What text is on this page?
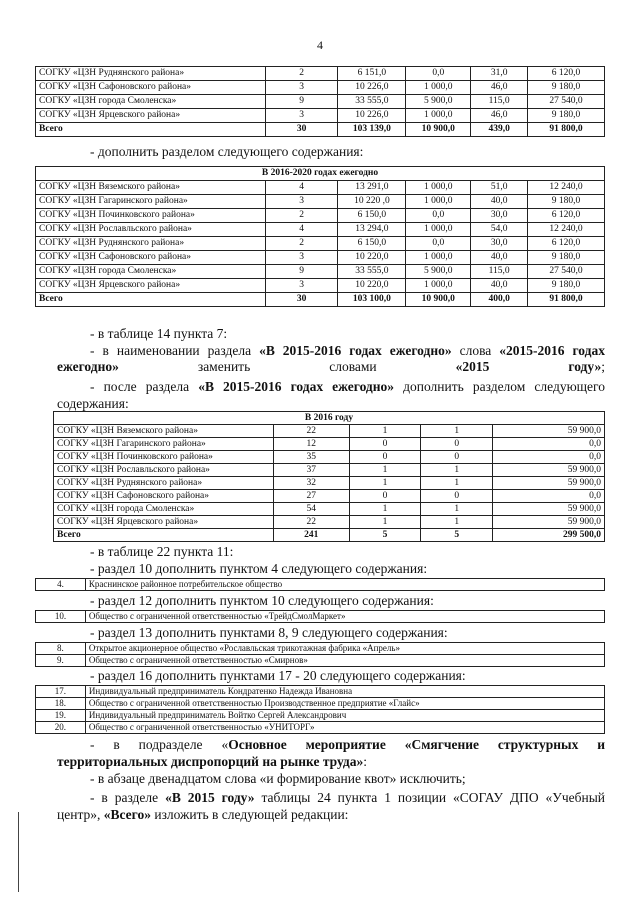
4
СОГКУ «ЦЗН Руднянского района»	2	6 151,0	0,0	31,0	6 120,0
СОГКУ «ЦЗН Сафоновского района»	3	10 226,0	1 000,0	46,0	9 180,0
СОГКУ «ЦЗН города Смоленска»	9	33 555,0	5 900,0	115,0	27 540,0
СОГКУ «ЦЗН Ярцевского района»	3	10 226,0	1 000,0	46,0	9 180,0
Всего	30	103 139,0	10 900,0	439,0	91 800,0
- дополнить разделом следующего содержания:
В 2016-2020 годах ежегодно					
СОГКУ «ЦЗН Вяземского района»	4	13 291,0	1 000,0	51,0	12 240,0
СОГКУ «ЦЗН Гагаринского района»	3	10 220 ,0	1 000,0	40,0	9 180,0
СОГКУ «ЦЗН Починковского района»	2	6 150,0	0,0	30,0	6 120,0
СОГКУ «ЦЗН Рославльского района»	4	13 294,0	1 000,0	54,0	12 240,0
СОГКУ «ЦЗН Руднянского района»	2	6 150,0	0,0	30,0	6 120,0
СОГКУ «ЦЗН Сафоновского района»	3	10 220,0	1 000,0	40,0	9 180,0
СОГКУ «ЦЗН города Смоленска»	9	33 555,0	5 900,0	115,0	27 540,0
СОГКУ «ЦЗН Ярцевского района»	3	10 220,0	1 000,0	40,0	9 180,0
Всего	30	103 100,0	10 900,0	400,0	91 800,0
- в таблице 14 пункта 7:
- в наименовании раздела «В 2015-2016 годах ежегодно» слова «2015-2016 годах ежегодно» заменить словами «2015 году»;
- после раздела «В 2015-2016 годах ежегодно» дополнить разделом следующего содержания:
В 2016 году				
СОГКУ «ЦЗН Вяземского района»	22	1	1	59 900,0
СОГКУ «ЦЗН Гагаринского района»	12	0	0	0,0
СОГКУ «ЦЗН Починковского района»	35	0	0	0,0
СОГКУ «ЦЗН Рославльского района»	37	1	1	59 900,0
СОГКУ «ЦЗН Руднянского района»	32	1	1	59 900,0
СОГКУ «ЦЗН Сафоновского района»	27	0	0	0,0
СОГКУ «ЦЗН города Смоленска»	54	1	1	59 900,0
СОГКУ «ЦЗН Ярцевского района»	22	1	1	59 900,0
Всего	241	5	5	299 500,0
- в таблице 22 пункта 11:
- раздел 10 дополнить пунктом 4 следующего содержания:
4.	Краснинское районное потребительское общество
- раздел 12 дополнить пунктом 10 следующего содержания:
10.	Общество с ограниченной ответственностью «ТрейдСмолМаркет»
- раздел 13 дополнить пунктами 8, 9 следующего содержания:
8.	Открытое акционерное общество «Рославльская трикотажная фабрика «Апрель»
9.	Общество с ограниченной ответственностью «Смирнов»
- раздел 16 дополнить пунктами 17 - 20 следующего содержания:
17.	Индивидуальный предприниматель Кондратенко Надежда Ивановна
18.	Общество с ограниченной ответственностью Производственное предприятие «Глайс»
19.	Индивидуальный предприниматель Войтко Сергей Александрович
20.	Общество с ограниченной ответственностью «УНИТОРГ»
- в подразделе «Основное мероприятие «Смягчение структурных и территориальных диспропорций на рынке труда»:
- в абзаце двенадцатом слова «и формирование квот» исключить;
- в разделе «В 2015 году» таблицы 24 пункта 1 позиции «СОГАУ ДПО «Учебный центр», «Всего» изложить в следующей редакции:
